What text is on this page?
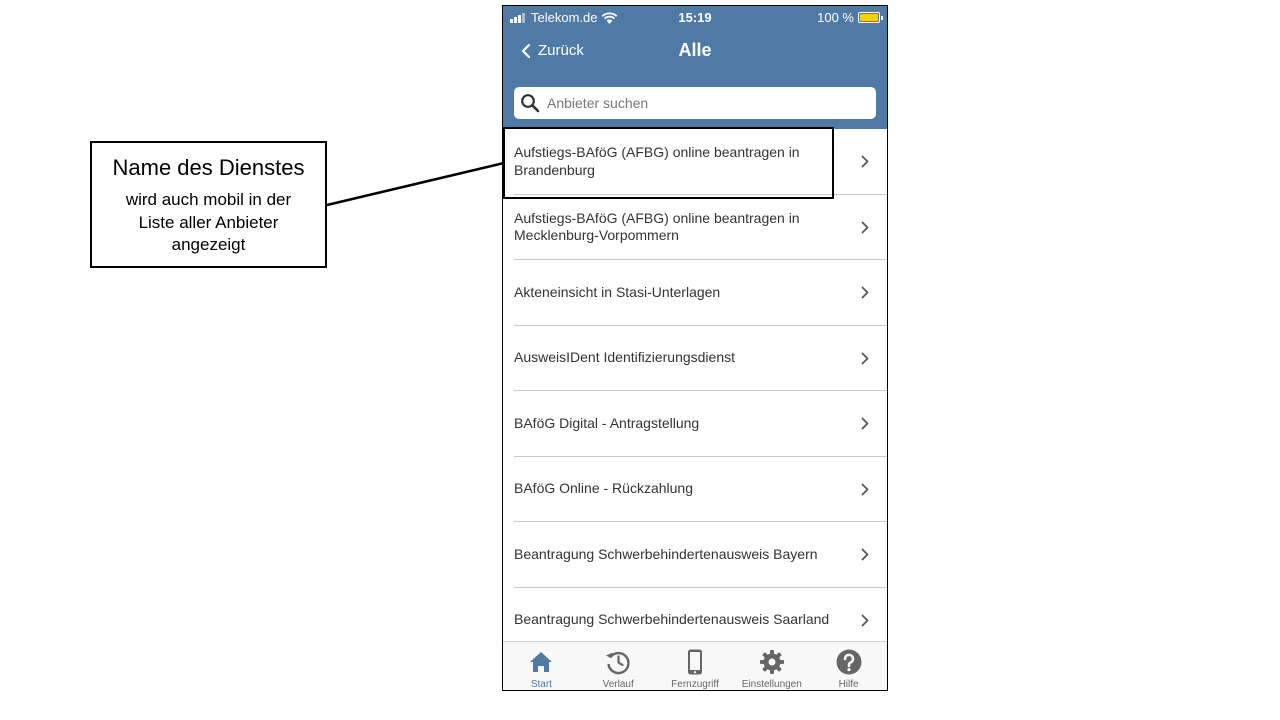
Name des Dienstes
wird auch mobil in der Liste aller Anbieter angezeigt
Telekom.de	15:19	100 %
Zurück	Alle
Anbieter suchen
Aufstiegs-BAföG (AFBG) online beantragen in Brandenburg
Aufstiegs-BAföG (AFBG) online beantragen in Mecklenburg-Vorpommern
Akteneinsicht in Stasi-Unterlagen
AusweisIDent Identifizierungsdienst
BAföG Digital - Antragstellung
BAföG Online - Rückzahlung
Beantragung Schwerbehindertenausweis Bayern
Beantragung Schwerbehindertenausweis Saarland
Start	Verlauf	Fernzugriff Einstellungen	Hilfe
